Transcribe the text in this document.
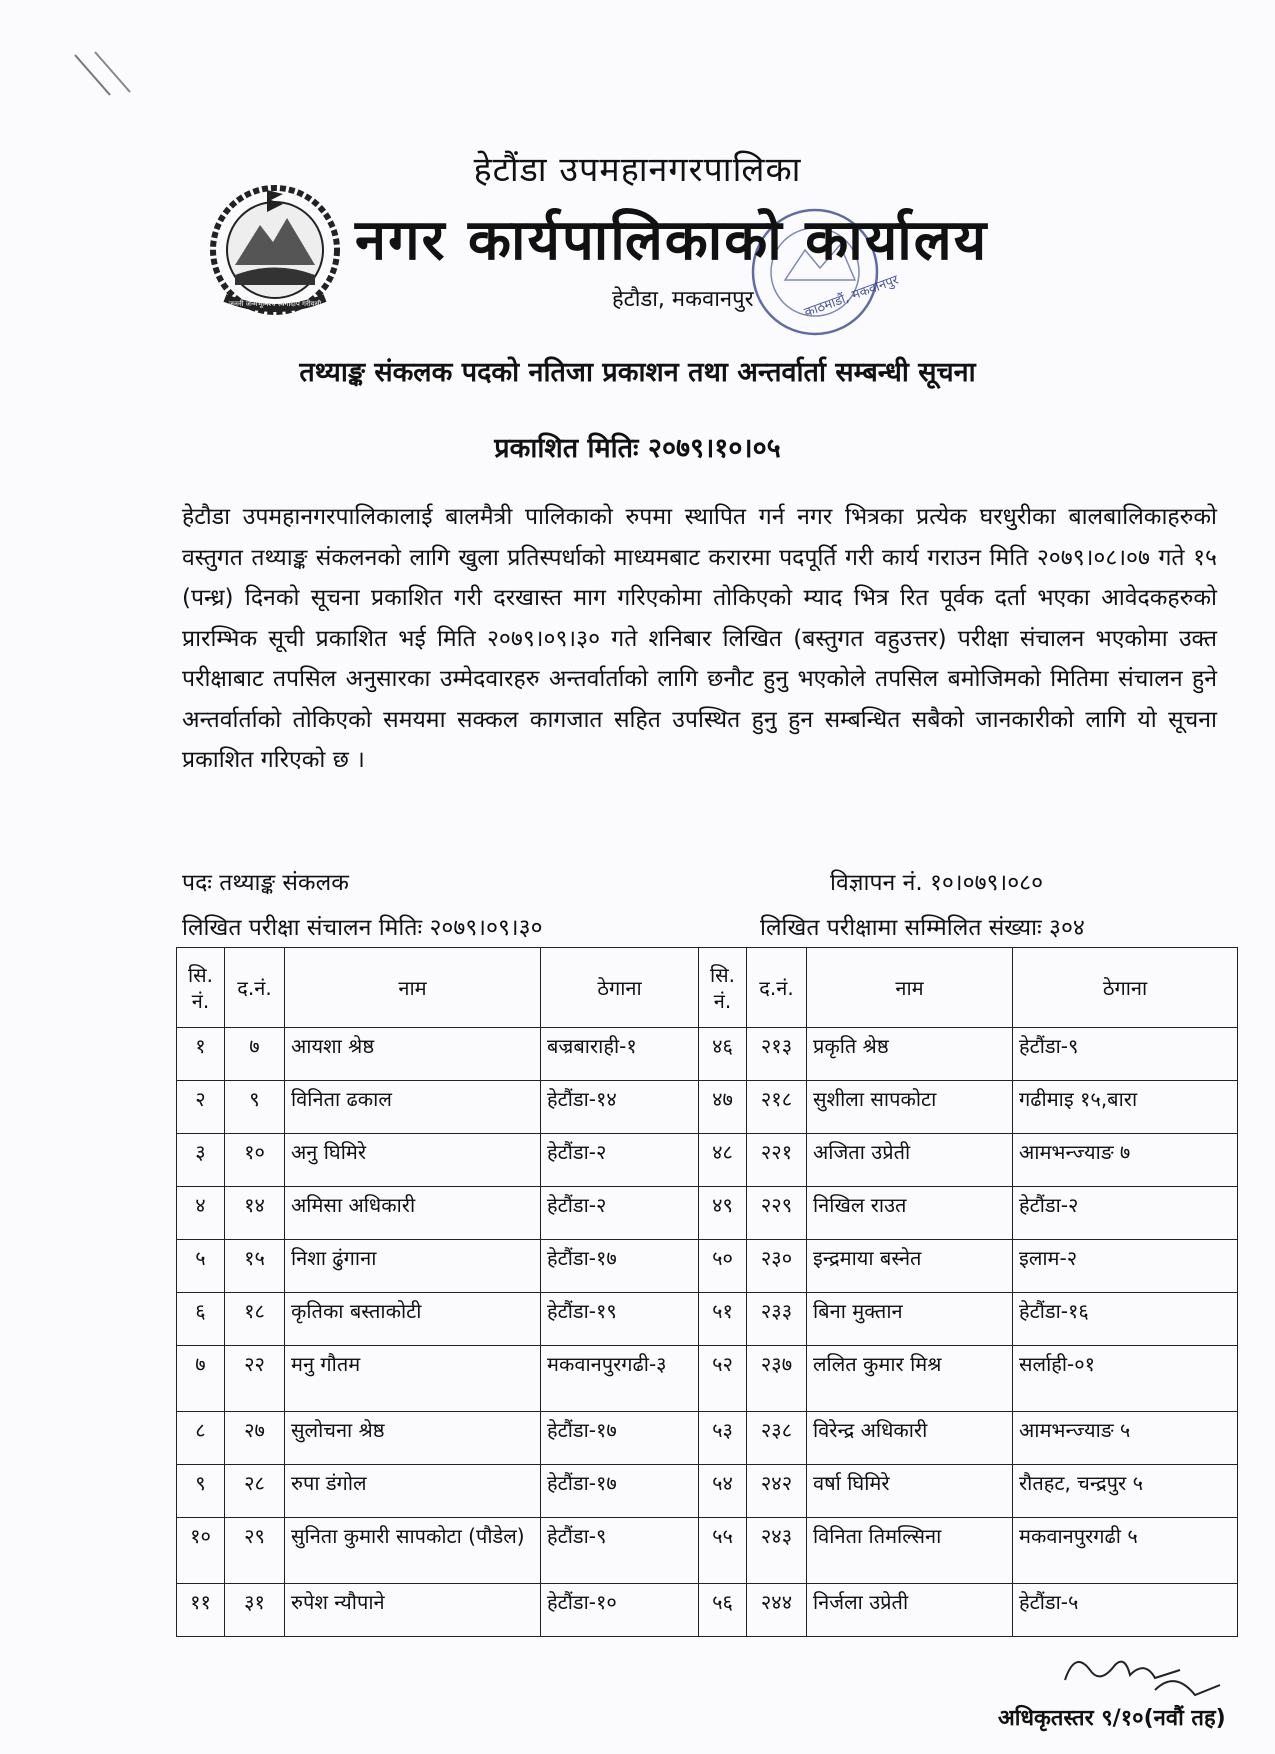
जननी जन्मभूमिश्च स्वर्गादपि गरीयसी	काठमाडौं, मकवानपुर
हेटौंडा उपमहानगरपालिका
नगर कार्यपालिकाको कार्यालय
हेटौडा, मकवानपुर
तथ्याङ्क संकलक पदको नतिजा प्रकाशन तथा अन्तर्वार्ता सम्बन्धी सूचना
प्रकाशित मितिः २०७९।१०।०५
हेटौडा उपमहानगरपालिकालाई बालमैत्री पालिकाको रुपमा स्थापित गर्न नगर भित्रका प्रत्येक घरधुरीका बालबालिकाहरुको वस्तुगत तथ्याङ्क संकलनको लागि खुला प्रतिस्पर्धाको माध्यमबाट करारमा पदपूर्ति गरी कार्य गराउन मिति २०७९।०८।०७ गते १५ (पन्ध्र) दिनको सूचना प्रकाशित गरी दरखास्त माग गरिएकोमा तोकिएको म्याद भित्र रित पूर्वक दर्ता भएका आवेदकहरुको प्रारम्भिक सूची प्रकाशित भई मिति २०७९।०९।३० गते शनिबार लिखित (बस्तुगत वहुउत्तर) परीक्षा संचालन भएकोमा उक्त परीक्षाबाट तपसिल अनुसारका उम्मेदवारहरु अन्तर्वार्ताको लागि छनौट हुनु भएकोले तपसिल बमोजिमको मितिमा संचालन हुने अन्तर्वार्ताको तोकिएको समयमा सक्कल कागजात सहित उपस्थित हुनु हुन सम्बन्धित सबैको जानकारीको लागि यो सूचना प्रकाशित गरिएको छ ।
पदः तथ्याङ्क संकलक	विज्ञापन नं. १०।०७९।०८०
लिखित परीक्षा संचालन मितिः २०७९।०९।३०	लिखित परीक्षामा सम्मिलित संख्याः ३०४
सि. नं.	द.नं.	नाम	ठेगाना	सि. नं.	द.नं.	नाम	ठेगाना
१	७	आयशा श्रेष्ठ	बज्रबाराही-१	४६	२१३	प्रकृति श्रेष्ठ	हेटौंडा-९
२	९	विनिता ढकाल	हेटौंडा-१४	४७	२१८	सुशीला सापकोटा	गढीमाइ १५,बारा
३	१०	अनु घिमिरे	हेटौंडा-२	४८	२२१	अजिता उप्रेती	आमभन्ज्याङ ७
४	१४	अमिसा अधिकारी	हेटौंडा-२	४९	२२९	निखिल राउत	हेटौंडा-२
५	१५	निशा ढुंगाना	हेटौंडा-१७	५०	२३०	इन्द्रमाया बस्नेत	इलाम-२
६	१८	कृतिका बस्ताकोटी	हेटौंडा-१९	५१	२३३	बिना मुक्तान	हेटौंडा-१६
७	२२	मनु गौतम	मकवानपुरगढी-३	५२	२३७	ललित कुमार मिश्र	सर्लाही-०१
८	२७	सुलोचना श्रेष्ठ	हेटौंडा-१७	५३	२३८	विरेन्द्र अधिकारी	आमभन्ज्याङ ५
९	२८	रुपा डंगोल	हेटौंडा-१७	५४	२४२	वर्षा घिमिरे	रौतहट, चन्द्रपुर ५
१०	२९	सुनिता कुमारी सापकोटा (पौडेल)	हेटौंडा-९	५५	२४३	विनिता तिमल्सिना	मकवानपुरगढी ५
११	३१	रुपेश न्यौपाने	हेटौंडा-१०	५६	२४४	निर्जला उप्रेती	हेटौंडा-५
अधिकृतस्तर ९/१०(नवौं तह)
